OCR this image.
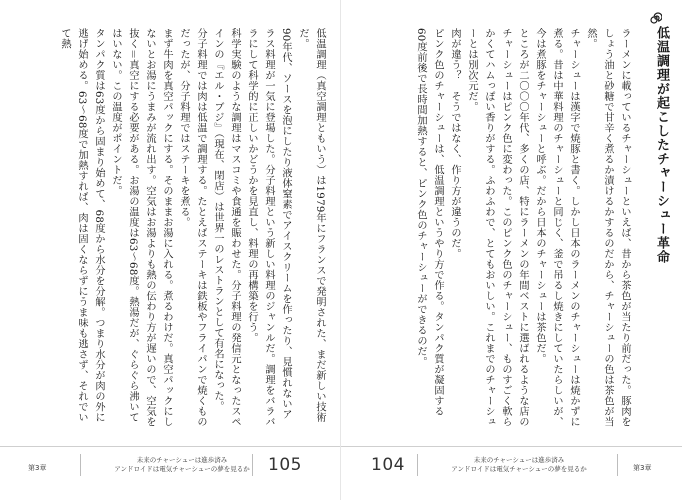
低温調理（真空調理ともいう）は1979年にフランスで発明された、まだ新しい技術だ。
90年代、ソースを泡にしたり液体窒素でアイスクリームを作ったり、見慣れないアラス料理が一気に登場した。分子料理という新しい料理のジャンルだ。調理をバラバラにして科学的に正しいかどうかを見直し、料理の再構築を行う。
科学実験のような調理はマスコミや食通を賑わせた。分子料理の発信元となったスペインの『エル・ブジ』（現在、閉店）は世界一のレストランとして有名になった。
分子料理では肉は低温で調理する。たとえばステーキは鉄板やフライパンで焼くものだったが、分子料理ではステーキを煮る。
まず牛肉を真空パックにする。そのままお湯に入れる。煮るわけだ。真空パックにしないとお湯にうまみが流れ出す。空気はお湯よりも熱の伝わり方が遅いので、空気を抜く＝真空にする必要がある。お湯の温度は63～68度。熱湯だが、ぐらぐら沸いてはいない。この温度がポイントだ。
タンパク質は63度から固まり始めて、68度から水分を分解。つまり水分が肉の外に逃げ始める。63～68度で加熱すれば、肉は固くならずにうま味も逃さず、それでいて熱
第3章
未来のチャーシューは進歩済み
アンドロイドは電気チャーシューの夢を見るか	105
低温調理が起こしたチャーシュー革命
ラーメンに載っているチャーシューといえば、昔から茶色が当たり前だった。豚肉をしょう油と砂糖で甘辛く煮るか漬けるかするのだから、チャーシューの色は茶色が当然。
チャーシューは漢字で焼豚と書く。しかし日本のラーメンのチャーシューは焼かずに煮る。昔は中華料理のチャーシューと同じく、釜で吊るし焼きにしていたらしいが、今は煮豚をチャーシューと呼ぶ。だから日本のチャーシューは茶色だ。
ところが二〇〇〇年代、多くの店、特にラーメンの年間ベストに選ばれるような店のチャーシューはピンク色に変わった。このピンク色のチャーシュー、ものすごく軟らかくてハムっぽい香りがする。ふわふわで、とてもおいしい。これまでのチャーシューとは別次元だ。
肉が違う？　そうではなく、作り方が違うのだ。
ピンク色のチャーシューは、低温調理というやり方で作る。タンパク質が凝固する60度前後で長時間加熱すると、ピンク色のチャーシューができるのだ。
104	未来のチャーシューは進歩済み
アンドロイドは電気チャーシューの夢を見るか	第3章
